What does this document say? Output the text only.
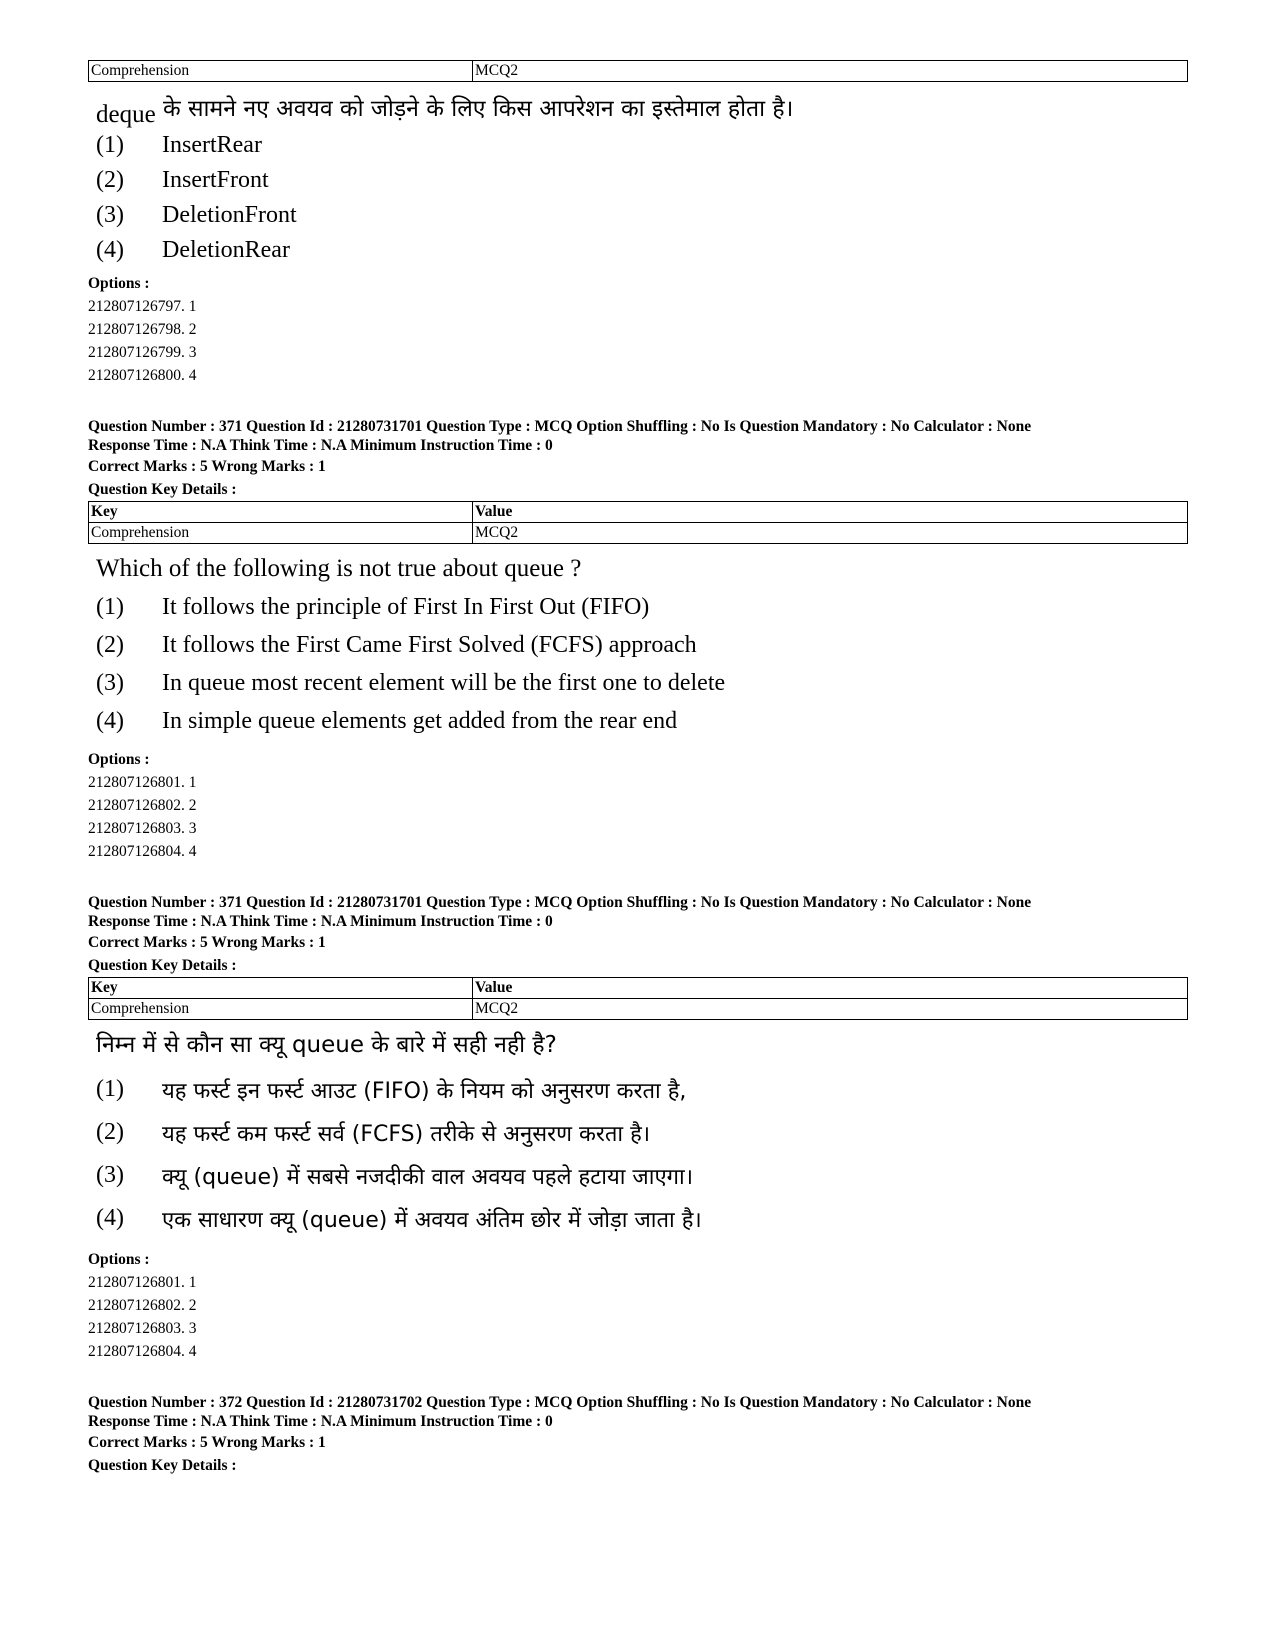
Comprehension	MCQ2
deque के सामने नए अवयव को जोड़ने के लिए किस आपरेशन का इस्तेमाल होता है।
(1)	InsertRear
(2)	InsertFront
(3)	DeletionFront
(4)	DeletionRear
Options :
212807126797. 1
212807126798. 2
212807126799. 3
212807126800. 4
Question Number : 371 Question Id : 21280731701 Question Type : MCQ Option Shuffling : No Is Question Mandatory : No Calculator : None
Response Time : N.A Think Time : N.A Minimum Instruction Time : 0
Correct Marks : 5 Wrong Marks : 1
Question Key Details :
Key	Value
Comprehension	MCQ2
Which of the following is not true about queue ?
(1)	It follows the principle of First In First Out (FIFO)
(2)	It follows the First Came First Solved (FCFS) approach
(3)	In queue most recent element will be the first one to delete
(4)	In simple queue elements get added from the rear end
Options :
212807126801. 1
212807126802. 2
212807126803. 3
212807126804. 4
Question Number : 371 Question Id : 21280731701 Question Type : MCQ Option Shuffling : No Is Question Mandatory : No Calculator : None
Response Time : N.A Think Time : N.A Minimum Instruction Time : 0
Correct Marks : 5 Wrong Marks : 1
Question Key Details :
Key	Value
Comprehension	MCQ2
निम्न में से कौन सा क्यू queue के बारे में सही नही है?
(1)	यह फर्स्ट इन फर्स्ट आउट (FIFO) के नियम को अनुसरण करता है,
(2)	यह फर्स्ट कम फर्स्ट सर्व (FCFS) तरीके से अनुसरण करता है।
(3)	क्यू (queue) में सबसे नजदीकी वाल अवयव पहले हटाया जाएगा।
(4)	एक साधारण क्यू (queue) में अवयव अंतिम छोर में जोड़ा जाता है।
Options :
212807126801. 1
212807126802. 2
212807126803. 3
212807126804. 4
Question Number : 372 Question Id : 21280731702 Question Type : MCQ Option Shuffling : No Is Question Mandatory : No Calculator : None
Response Time : N.A Think Time : N.A Minimum Instruction Time : 0
Correct Marks : 5 Wrong Marks : 1
Question Key Details :
